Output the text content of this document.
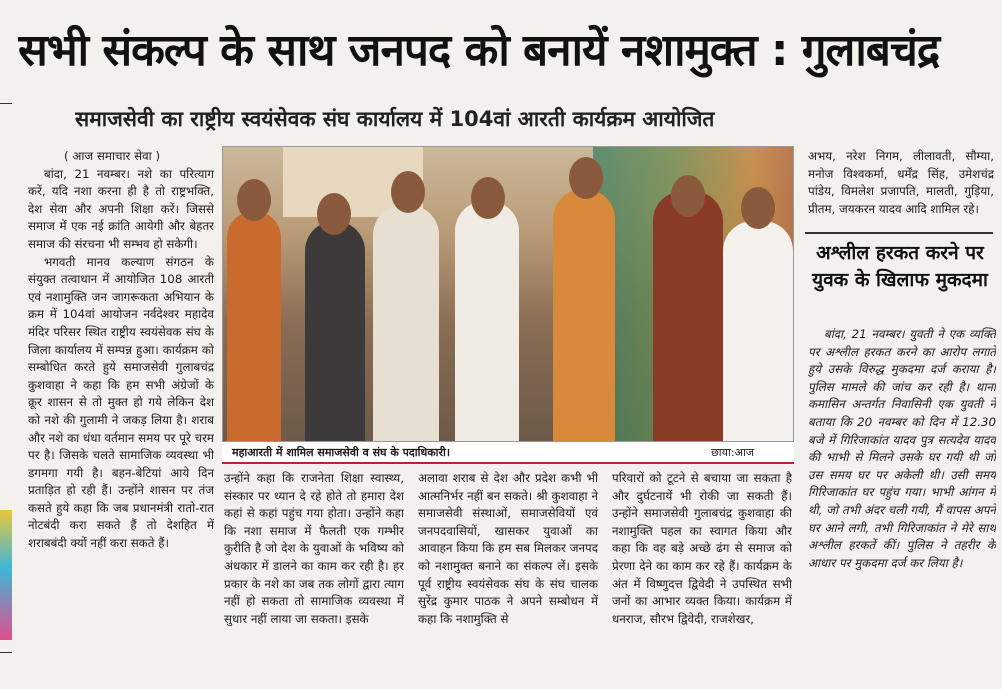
सभी संकल्प के साथ जनपद को बनायें नशामुक्त : गुलाबचंद्र
समाजसेवी का राष्ट्रीय स्वयंसेवक संघ कार्यालय में 104वां आरती कार्यक्रम आयोजित
( आज समाचार सेवा )

बांदा, 21 नवम्बर। नशे का परित्याग करें, यदि नशा करना ही है तो राष्ट्रभक्ति, देश सेवा और अपनी शिक्षा करें। जिससे समाज में एक नई क्रांति आयेगी और बेहतर समाज की संरचना भी सम्भव हो सकेगी।

भगवती मानव कल्याण संगठन के संयुक्त तत्वाधान में आयोजित 108 आरती एवं नशामुक्ति जन जागरूकता अभियान के क्रम में 104वां आयोजन नर्वदेश्वर महादेव मंदिर परिसर स्थित राष्ट्रीय स्वयंसेवक संघ के जिला कार्यालय में सम्पन्न हुआ। कार्यक्रम को सम्बोधित करते हुये समाजसेवी गुलाबचंद्र कुशवाहा ने कहा कि हम सभी अंग्रेजों के क्रूर शासन से तो मुक्त हो गये लेकिन देश को नशे की गुलामी ने जकड़ लिया है। शराब और नशे का धंधा वर्तमान समय पर पूरे चरम पर है। जिसके चलते सामाजिक व्यवस्था भी डगमगा गयी है। बहन-बेटियां आये दिन प्रताड़ित हो रही हैं। उन्होंने शासन पर तंज कसते हुये कहा कि जब प्रधानमंत्री रातो-रात नोटबंदी करा सकते हैं तो देशहित में शराबबंदी क्यों नहीं करा सकते हैं।

महाआरती में शामिल समाजसेवी व संघ के पदाधिकारी।	छाया:आज
उन्होंने कहा कि राजनेता शिक्षा स्वास्थ्य, संस्कार पर ध्यान दे रहे होते तो हमारा देश कहां से कहां पहुंच गया होता। उन्होंने कहा कि नशा समाज में फैलती एक गम्भीर कुरीति है जो देश के युवाओं के भविष्य को अंधकार में डालने का काम कर रही है। हर प्रकार के नशे का जब तक लोगों द्वारा त्याग नहीं हो सकता तो सामाजिक व्यवस्था में सुधार नहीं लाया जा सकता। इसके
अलावा शराब से देश और प्रदेश कभी भी आत्मनिर्भर नहीं बन सकते। श्री कुशवाहा ने समाजसेवी संस्थाओं, समाजसेवियों एवं जनपदवासियों, खासकर युवाओं का आवाहन किया कि हम सब मिलकर जनपद को नशामुक्त बनाने का संकल्प लें। इसके पूर्व राष्ट्रीय स्वयंसेवक संघ के संघ चालक सुरेंद्र कुमार पाठक ने अपने सम्बोधन में कहा कि नशामुक्ति से
परिवारों को टूटने से बचाया जा सकता है और दुर्घटनायें भी रोकी जा सकती हैं। उन्होंने समाजसेवी गुलाबचंद्र कुशवाहा की नशामुक्ति पहल का स्वागत किया और कहा कि वह बड़े अच्छे ढंग से समाज को प्रेरणा देने का काम कर रहे हैं। कार्यक्रम के अंत में विष्णुदत्त द्विवेदी ने उपस्थित सभी जनों का आभार व्यक्त किया। कार्यक्रम में धनराज, सौरभ द्विवेदी, राजशेखर,
अभय, नरेश निगम, लीलावती, सौम्या, मनोज विश्वकर्मा, धर्मेंद्र सिंह, उमेशचंद्र पांडेय, विमलेश प्रजापति, मालती, गुड़िया, प्रीतम, जयकरन यादव आदि शामिल रहे।
अश्लील हरकत करने पर युवक के खिलाफ मुकदमा

बांदा, 21 नवम्बर। युवती ने एक व्यक्ति पर अश्लील हरकत करने का आरोप लगाते हुये उसके विरुद्ध मुकदमा दर्ज कराया है। पुलिस मामले की जांच कर रही है। थाना कमासिन अन्तर्गत निवासिनी एक युवती ने बताया कि 20 नवम्बर को दिन में 12.30 बजे में गिरिजाकांत यादव पुत्र सत्यदेव यादव की भाभी से मिलने उसके घर गयी थी जो उस समय घर पर अकेली थी। उसी समय गिरिजाकांत घर पहुंच गया। भाभी आंगन में थी, जो तभी अंदर चली गयी, मैं वापस अपने घर आने लगी, तभी गिरिजाकांत ने मेरे साथ अश्लील हरकतें कीं। पुलिस ने तहरीर के आधार पर मुकदमा दर्ज कर लिया है।
